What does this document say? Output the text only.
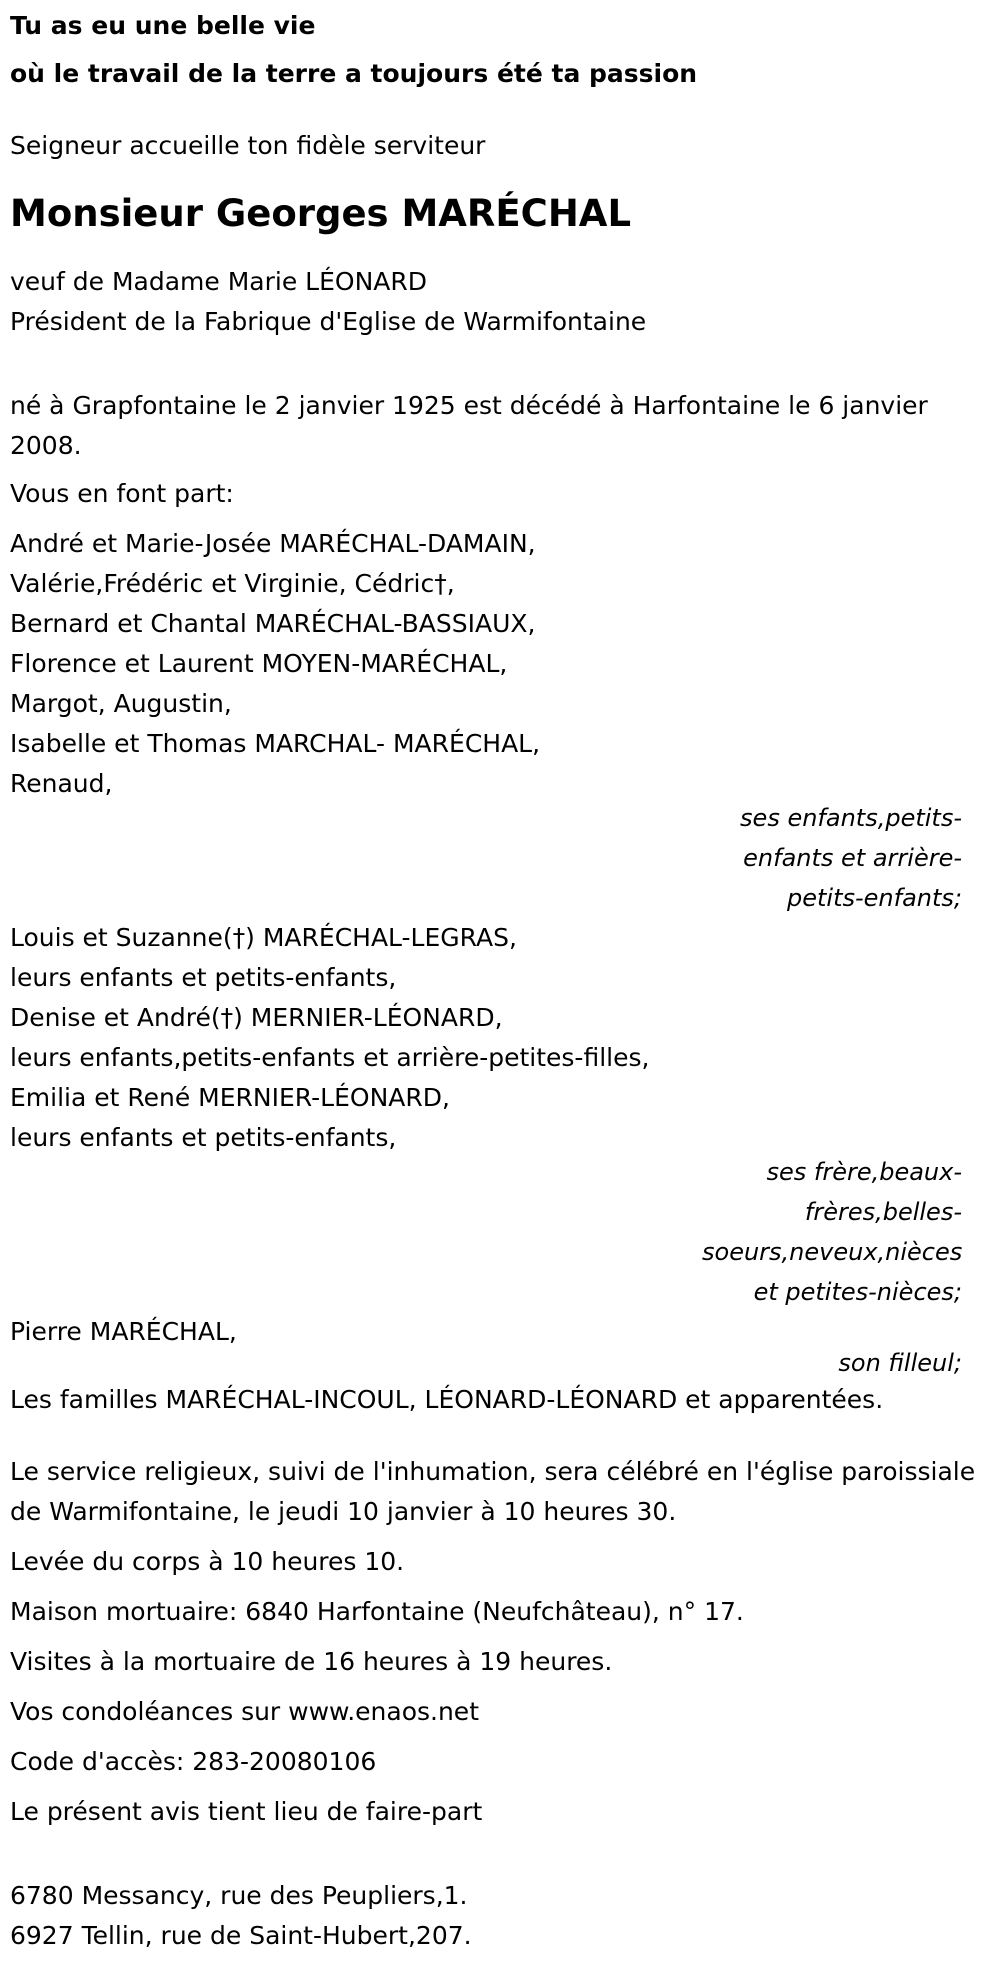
Tu as eu une belle vie
où le travail de la terre a toujours été ta passion
Seigneur accueille ton fidèle serviteur
Monsieur Georges MARÉCHAL
veuf de Madame Marie LÉONARD
Président de la Fabrique d'Eglise de Warmifontaine
né à Grapfontaine le 2 janvier 1925 est décédé à Harfontaine le 6 janvier 2008.
Vous en font part:
André et Marie-Josée MARÉCHAL-DAMAIN,
Valérie,Frédéric et Virginie, Cédric†,
Bernard et Chantal MARÉCHAL-BASSIAUX,
Florence et Laurent MOYEN-MARÉCHAL,
Margot, Augustin,
Isabelle et Thomas MARCHAL- MARÉCHAL,
Renaud,
ses enfants,petits-enfants et arrière-petits-enfants;
Louis et Suzanne(†) MARÉCHAL-LEGRAS,
leurs enfants et petits-enfants,
Denise et André(†) MERNIER-LÉONARD,
leurs enfants,petits-enfants et arrière-petites-filles,
Emilia et René MERNIER-LÉONARD,
leurs enfants et petits-enfants,
ses frère,beaux-frères,belles-soeurs,neveux,nièces et petites-nièces;
Pierre MARÉCHAL,
son filleul;
Les familles MARÉCHAL-INCOUL, LÉONARD-LÉONARD et apparentées.
Le service religieux, suivi de l'inhumation, sera célébré en l'église paroissiale de Warmifontaine, le jeudi 10 janvier à 10 heures 30.
Levée du corps à 10 heures 10.
Maison mortuaire: 6840 Harfontaine (Neufchâteau), n° 17.
Visites à la mortuaire de 16 heures à 19 heures.
Vos condoléances sur www.enaos.net
Code d'accès: 283-20080106
Le présent avis tient lieu de faire-part
6780 Messancy, rue des Peupliers,1.
6927 Tellin, rue de Saint-Hubert,207.
